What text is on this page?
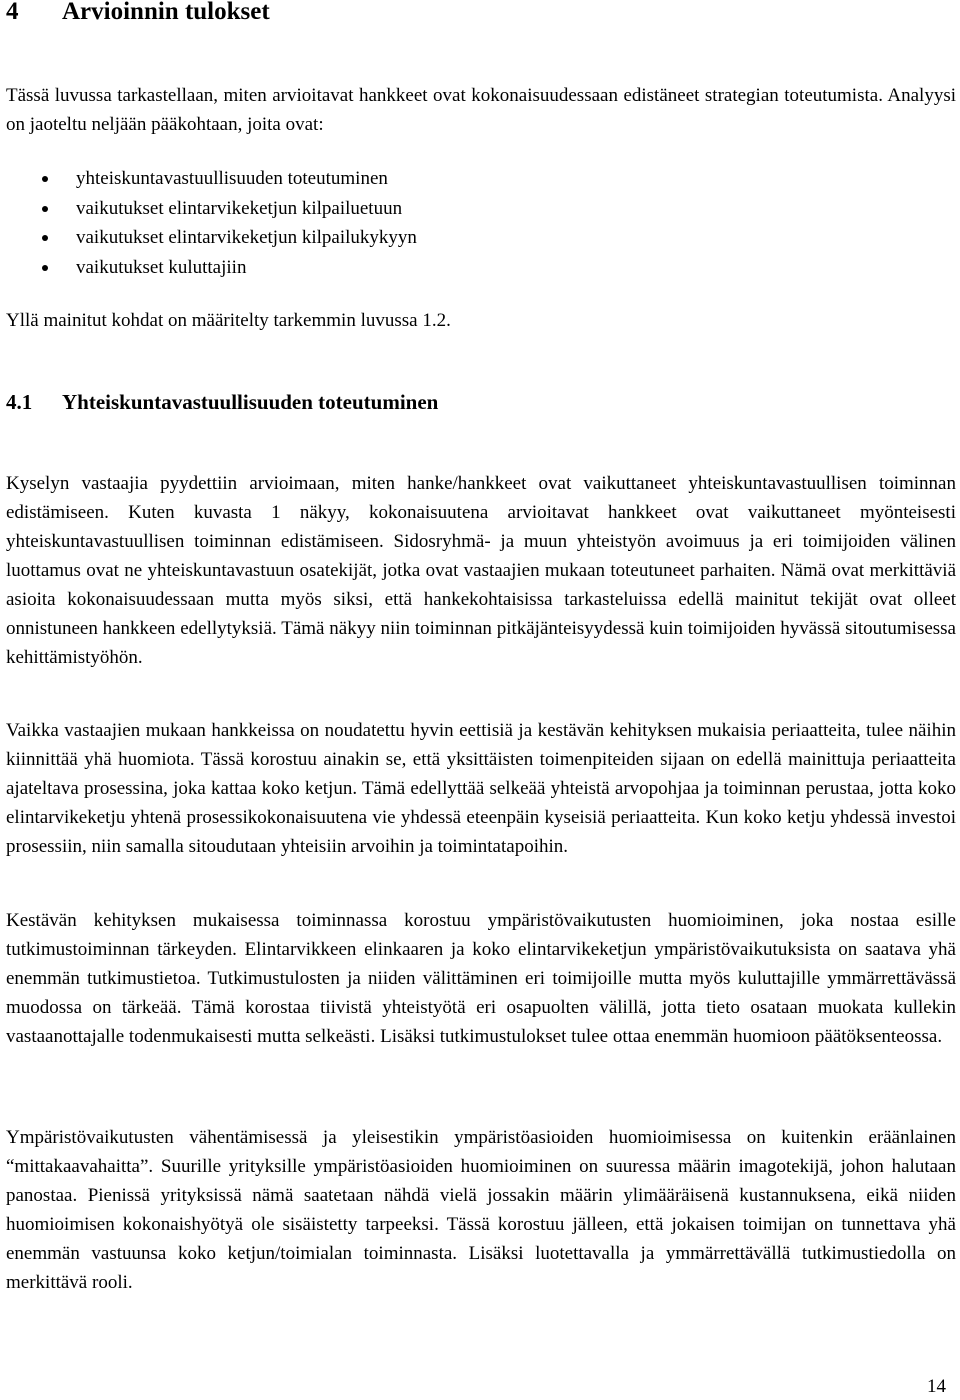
4 Arvioinnin tulokset

Tässä luvussa tarkastellaan, miten arvioitavat hankkeet ovat kokonaisuudessaan edistäneet strategian toteutumista. Analyysi on jaoteltu neljään pääkohtaan, joita ovat:

yhteiskuntavastuullisuuden toteutuminen
vaikutukset elintarvikeketjun kilpailuetuun
vaikutukset elintarvikeketjun kilpailukykyyn
vaikutukset kuluttajiin

Yllä mainitut kohdat on määritelty tarkemmin luvussa 1.2.

4.1 Yhteiskuntavastuullisuuden toteutuminen

Kyselyn vastaajia pyydettiin arvioimaan, miten hanke/hankkeet ovat vaikuttaneet yhteiskuntavastuullisen toiminnan edistämiseen. Kuten kuvasta 1 näkyy, kokonaisuutena arvioitavat hankkeet ovat vaikuttaneet myönteisesti yhteiskuntavastuullisen toiminnan edistämiseen. Sidosryhmä- ja muun yhteistyön avoimuus ja eri toimijoiden välinen luottamus ovat ne yhteiskuntavastuun osatekijät, jotka ovat vastaajien mukaan toteutuneet parhaiten. Nämä ovat merkittäviä asioita kokonaisuudessaan mutta myös siksi, että hankekohtaisissa tarkasteluissa edellä mainitut tekijät ovat olleet onnistuneen hankkeen edellytyksiä. Tämä näkyy niin toiminnan pitkäjänteisyydessä kuin toimijoiden hyvässä sitoutumisessa kehittämistyöhön.

Vaikka vastaajien mukaan hankkeissa on noudatettu hyvin eettisiä ja kestävän kehityksen mukaisia periaatteita, tulee näihin kiinnittää yhä huomiota. Tässä korostuu ainakin se, että yksittäisten toimenpiteiden sijaan on edellä mainittuja periaatteita ajateltava prosessina, joka kattaa koko ketjun. Tämä edellyttää selkeää yhteistä arvopohjaa ja toiminnan perustaa, jotta koko elintarvikeketju yhtenä prosessikokonaisuutena vie yhdessä eteenpäin kyseisiä periaatteita. Kun koko ketju yhdessä investoi prosessiin, niin samalla sitoudutaan yhteisiin arvoihin ja toimintatapoihin.

Kestävän kehityksen mukaisessa toiminnassa korostuu ympäristövaikutusten huomioiminen, joka nostaa esille tutkimustoiminnan tärkeyden. Elintarvikkeen elinkaaren ja koko elintarvikeketjun ympäristövaikutuksista on saatava yhä enemmän tutkimustietoa. Tutkimustulosten ja niiden välittäminen eri toimijoille mutta myös kuluttajille ymmärrettävässä muodossa on tärkeää. Tämä korostaa tiivistä yhteistyötä eri osapuolten välillä, jotta tieto osataan muokata kullekin vastaanottajalle todenmukaisesti mutta selkeästi. Lisäksi tutkimustulokset tulee ottaa enemmän huomioon päätöksenteossa.

Ympäristövaikutusten vähentämisessä ja yleisestikin ympäristöasioiden huomioimisessa on kuitenkin eräänlainen “mittakaavahaitta”. Suurille yrityksille ympäristöasioiden huomioiminen on suuressa määrin imagotekijä, johon halutaan panostaa. Pienissä yrityksissä nämä saatetaan nähdä vielä jossakin määrin ylimääräisenä kustannuksena, eikä niiden huomioimisen kokonaishyötyä ole sisäistetty tarpeeksi. Tässä korostuu jälleen, että jokaisen toimijan on tunnettava yhä enemmän vastuunsa koko ketjun/toimialan toiminnasta. Lisäksi luotettavalla ja ymmärrettävällä tutkimustiedolla on merkittävä rooli.

14
